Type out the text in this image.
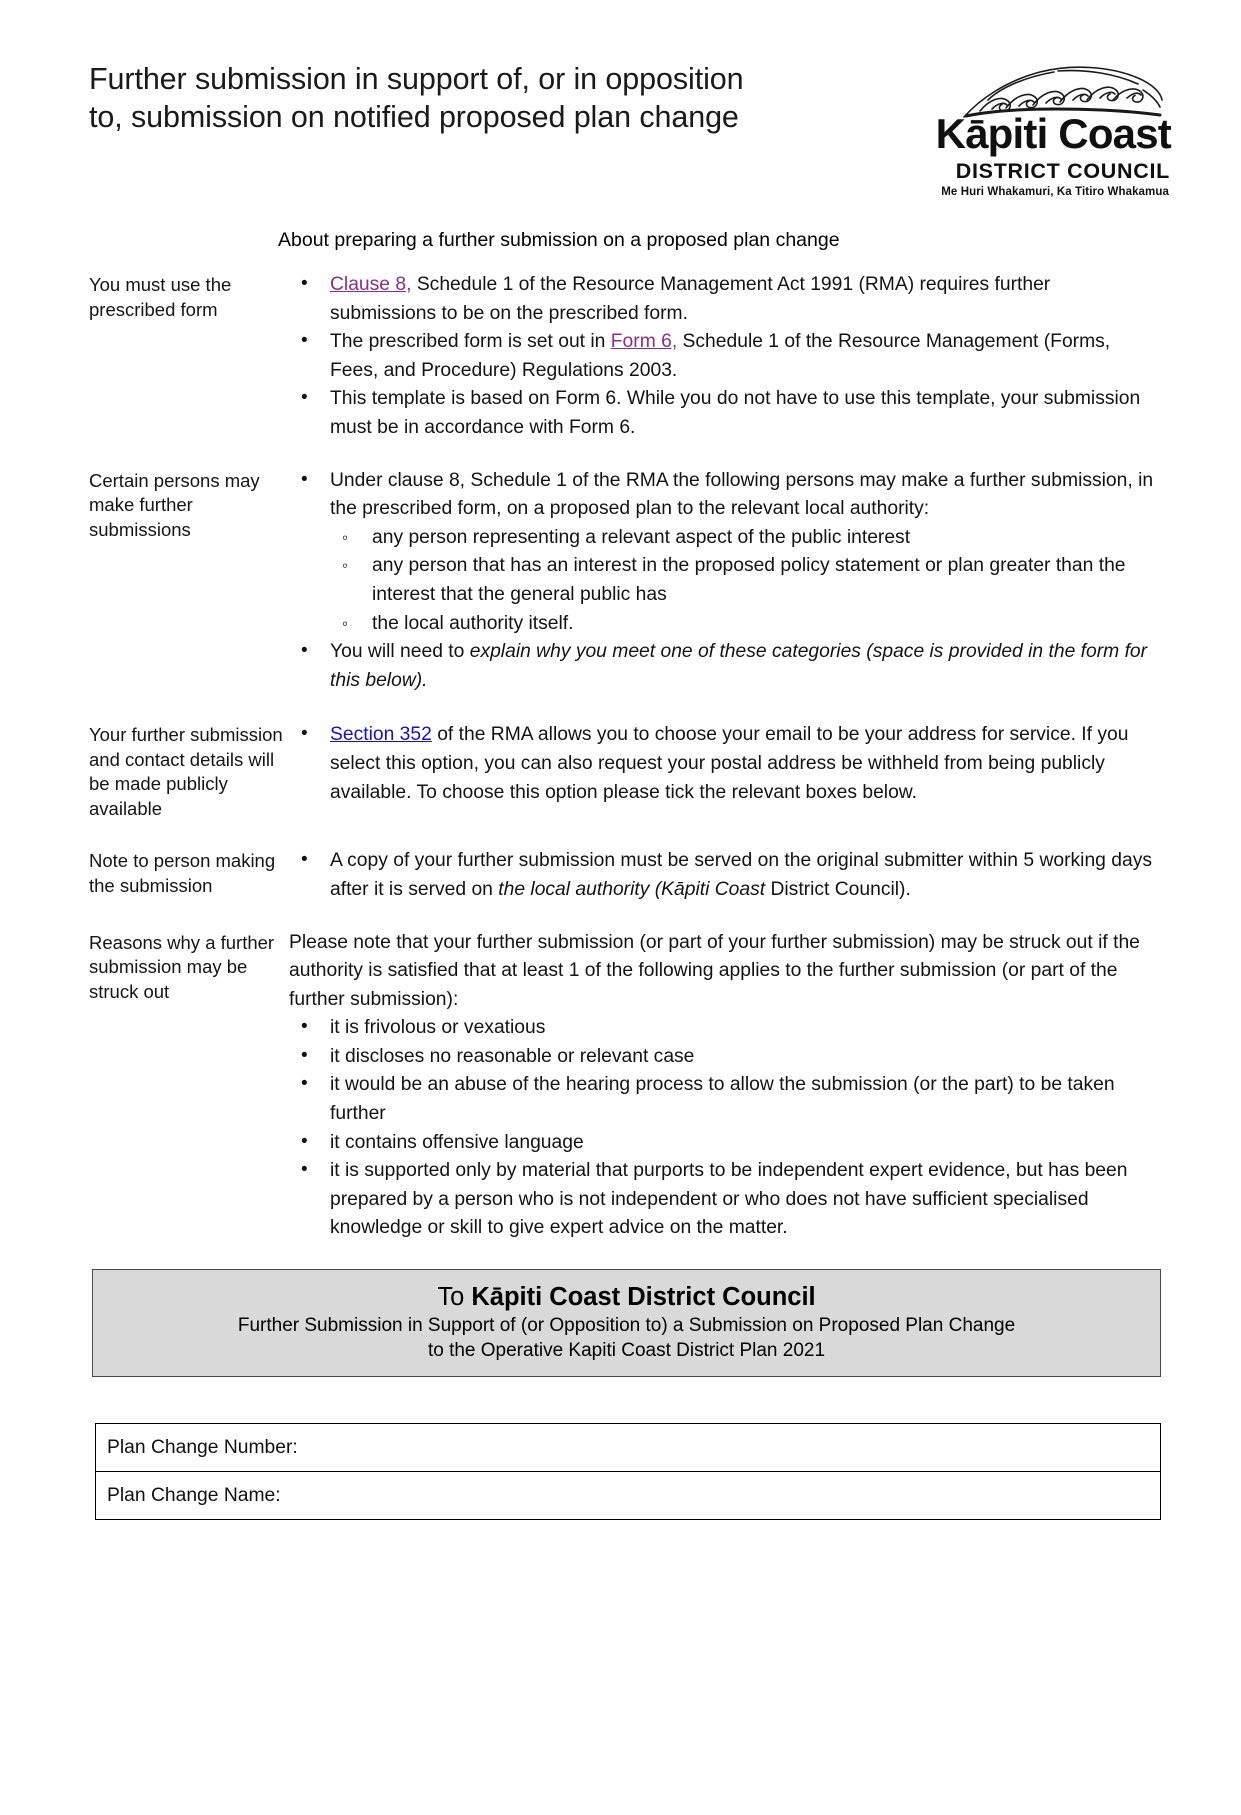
Further submission in support of, or in opposition to, submission on notified proposed plan change	Kāpiti Coast
DISTRICT COUNCIL
Me Huri Whakamuri, Ka Titiro Whakamua
About preparing a further submission on a proposed plan change
You must use the prescribed form
• Clause 8, Schedule 1 of the Resource Management Act 1991 (RMA) requires further submissions to be on the prescribed form.
• The prescribed form is set out in Form 6, Schedule 1 of the Resource Management (Forms, Fees, and Procedure) Regulations 2003.
• This template is based on Form 6. While you do not have to use this template, your submission must be in accordance with Form 6.
Certain persons may make further submissions
• Under clause 8, Schedule 1 of the RMA the following persons may make a further submission, in the prescribed form, on a proposed plan to the relevant local authority:
◦ any person representing a relevant aspect of the public interest
◦ any person that has an interest in the proposed policy statement or plan greater than the interest that the general public has
◦ the local authority itself.
• You will need to explain why you meet one of these categories (space is provided in the form for this below).
Your further submission and contact details will be made publicly available
• Section 352 of the RMA allows you to choose your email to be your address for service. If you select this option, you can also request your postal address be withheld from being publicly available. To choose this option please tick the relevant boxes below.
Note to person making the submission
• A copy of your further submission must be served on the original submitter within 5 working days after it is served on the local authority (Kāpiti Coast District Council).
Reasons why a further submission may be struck out

Please note that your further submission (or part of your further submission) may be struck out if the authority is satisfied that at least 1 of the following applies to the further submission (or part of the further submission):

• it is frivolous or vexatious
• it discloses no reasonable or relevant case
• it would be an abuse of the hearing process to allow the submission (or the part) to be taken further
• it contains offensive language
• it is supported only by material that purports to be independent expert evidence, but has been prepared by a person who is not independent or who does not have sufficient specialised knowledge or skill to give expert advice on the matter.
To Kāpiti Coast District Council
Further Submission in Support of (or Opposition to) a Submission on Proposed Plan Change
to the Operative Kapiti Coast District Plan 2021
Plan Change Number:
Plan Change Name:
